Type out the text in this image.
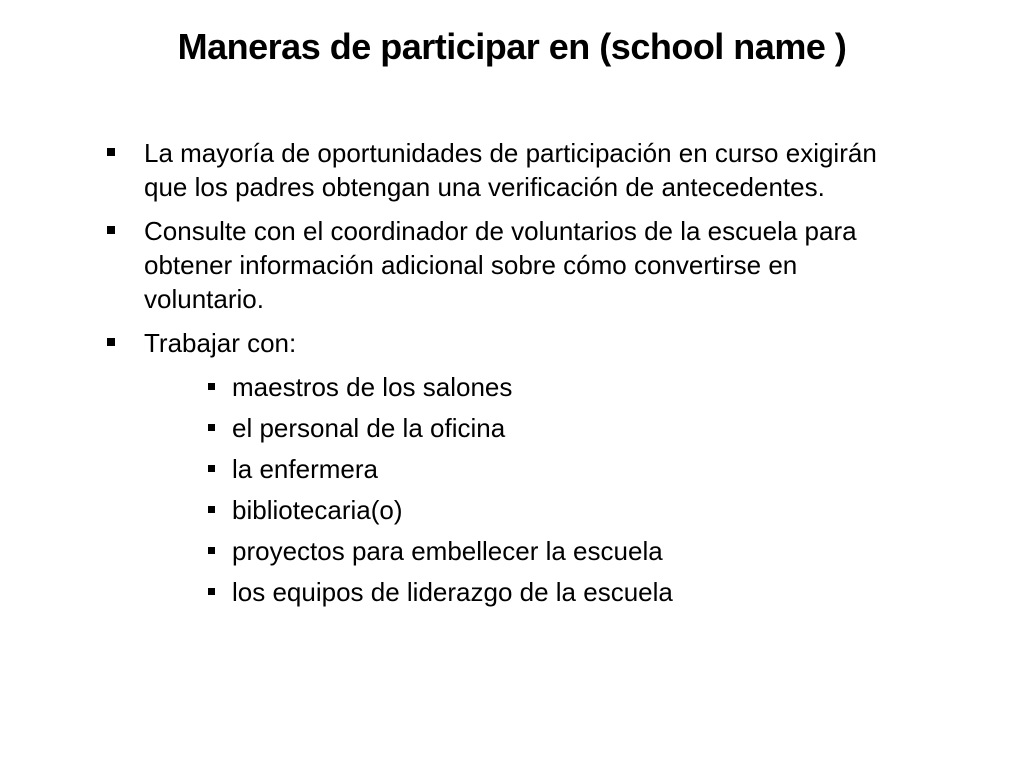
Maneras de participar en (school name )
La mayoría de oportunidades de participación en curso exigirán que los padres obtengan una verificación de antecedentes.
Consulte con el coordinador de voluntarios de la escuela para obtener información adicional sobre cómo convertirse en voluntario.
Trabajar con:
maestros de los salones
el personal de la oficina
la enfermera
bibliotecaria(o)
proyectos para embellecer la escuela
los equipos de liderazgo de la escuela
